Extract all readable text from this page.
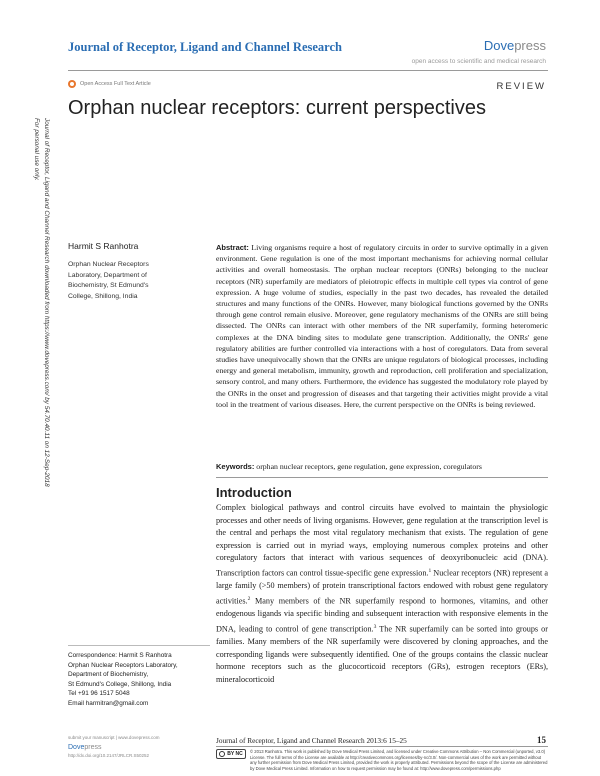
Journal of Receptor, Ligand and Channel Research	Dovepress
open access to scientific and medical research
Open Access Full Text Article	REVIEW
Orphan nuclear receptors: current perspectives
Journal of Receptor, Ligand and Channel Research downloaded from https://www.dovepress.com/ by 54.70.40.11 on 12-Sep-2018
For personal use only.
Harmit S Ranhotra
Orphan Nuclear Receptors
Laboratory, Department of
Biochemistry, St Edmund's
College, Shillong, India
Abstract: Living organisms require a host of regulatory circuits in order to survive optimally in a given environment. Gene regulation is one of the most important mechanisms for achieving normal cellular activities and overall homeostasis. The orphan nuclear receptors (ONRs) belonging to the nuclear receptors (NR) superfamily are mediators of pleiotropic effects in multiple cell types via control of gene expression. A huge volume of studies, especially in the past two decades, has revealed the detailed structures and many functions of the ONRs. However, many biological functions governed by the ONRs through gene control remain elusive. Moreover, gene regulatory mechanisms of the ONRs are still being dissected. The ONRs can interact with other members of the NR superfamily, forming heteromeric complexes at the DNA binding sites to modulate gene transcription. Additionally, the ONRs' gene regulatory abilities are further controlled via interactions with a host of coregulators. Data from several studies have unequivocally shown that the ONRs are unique regulators of biological processes, including energy and general metabolism, immunity, growth and reproduction, cell proliferation and specialization, sensory control, and many others. Furthermore, the evidence has suggested the modulatory role played by the ONRs in the onset and progression of diseases and that targeting their activities might provide a vital tool in the treatment of various diseases. Here, the current perspective on the ONRs is being reviewed.
Keywords: orphan nuclear receptors, gene regulation, gene expression, coregulators
Introduction
Complex biological pathways and control circuits have evolved to maintain the physiologic processes and other needs of living organisms. However, gene regulation at the transcription level is the central and perhaps the most vital regulatory mechanism that exists. The regulation of gene expression is carried out in myriad ways, employing numerous complex proteins and other coregulatory factors that interact with various sequences of deoxyribonucleic acid (DNA). Transcription factors can control tissue-specific gene expression.$^1$ Nuclear receptors (NR) represent a large family (>50 members) of protein transcriptional factors endowed with robust gene regulatory activities.$^2$ Many members of the NR superfamily respond to hormones, vitamins, and other endogenous ligands via specific binding and subsequent interaction with responsive elements in the DNA, leading to control of gene transcription.$^3$ The NR superfamily can be sorted into groups or families. Many members of the NR superfamily were discovered by cloning approaches, and the corresponding ligands were subsequently identified. One of the groups contains the classic nuclear hormone receptors such as the glucocorticoid receptors (GRs), estrogen receptors (ERs), mineralocorticoid
Correspondence: Harmit S Ranhotra
Orphan Nuclear Receptors Laboratory,
Department of Biochemistry,
St Edmund's College, Shillong, India
Tel +91 96 1517 5048
Email harmitran@gmail.com
submit your manuscript | www.dovepress.com
Dovepress
http://dx.doi.org/10.2147/JRLCR.S50252
Journal of Receptor, Ligand and Channel Research 2013:6 15–25	15
BY NC © 2013 Ranhotra. This work is published by Dove Medical Press Limited, and licensed under Creative Commons Attribution – Non Commercial (unported, v3.0) License. The full terms of the License are available at http://creativecommons.org/licenses/by-nc/3.0/. Non-commercial uses of the work are permitted without any further permission from Dove Medical Press Limited, provided the work is properly attributed. Permissions beyond the scope of the License are administered by Dove Medical Press Limited. Information on how to request permission may be found at: http://www.dovepress.com/permissions.php
